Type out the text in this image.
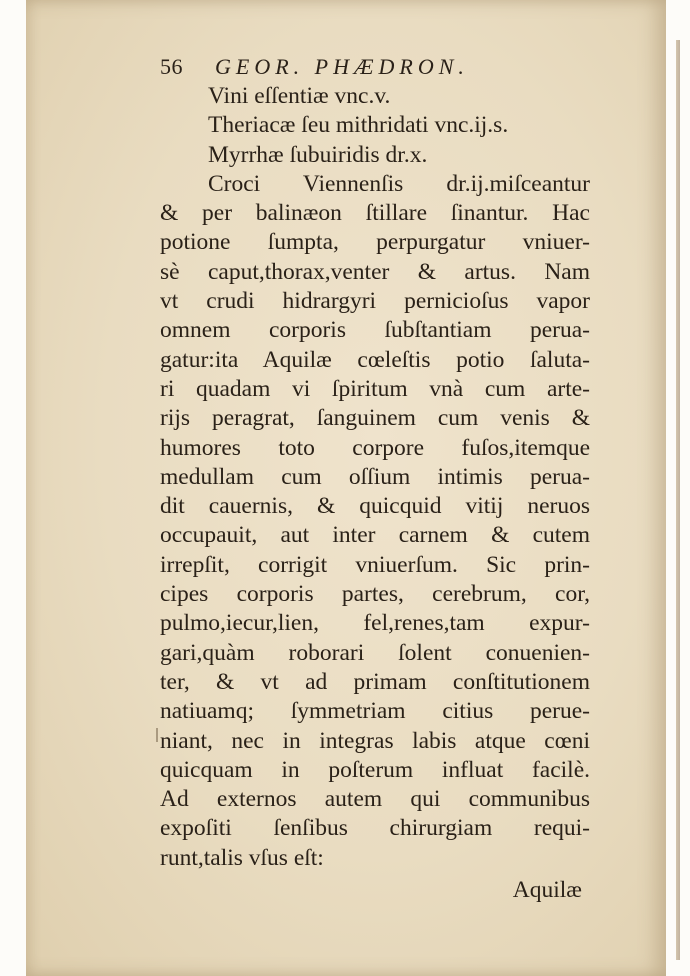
56 GEOR. PHÆDRON.
Vini eſſentiæ vnc.v.
Theriacæ ſeu mithridati vnc.ij.s.
Myrrhæ ſubuiridis dr.x.
Croci Viennenſis dr.ij.miſceantur
& per balinæon ſtillare ſinantur. Hac
potione ſumpta, perpurgatur vniuer-
sè caput,thorax,venter & artus. Nam
vt crudi hidrargyri pernicioſus vapor
omnem corporis ſubſtantiam perua-
gatur:ita Aquilæ cœleſtis potio ſaluta-
ri quadam vi ſpiritum vnà cum arte-
rijs peragrat, ſanguinem cum venis &
humores toto corpore fuſos,itemque
medullam cum oſſium intimis perua-
dit cauernis, & quicquid vitij neruos
occupauit, aut inter carnem & cutem
irrepſit, corrigit vniuerſum. Sic prin-
cipes corporis partes, cerebrum, cor,
pulmo,iecur,lien, fel,renes,tam expur-
gari,quàm roborari ſolent conuenien-
ter, & vt ad primam conſtitutionem
natiuamq; ſymmetriam citius perue-
niant, nec in integras labis atque cœni
quicquam in poſterum influat facilè.
Ad externos autem qui communibus
expoſiti ſenſibus chirurgiam requi-
runt,talis vſus eſt:
Aquilæ
